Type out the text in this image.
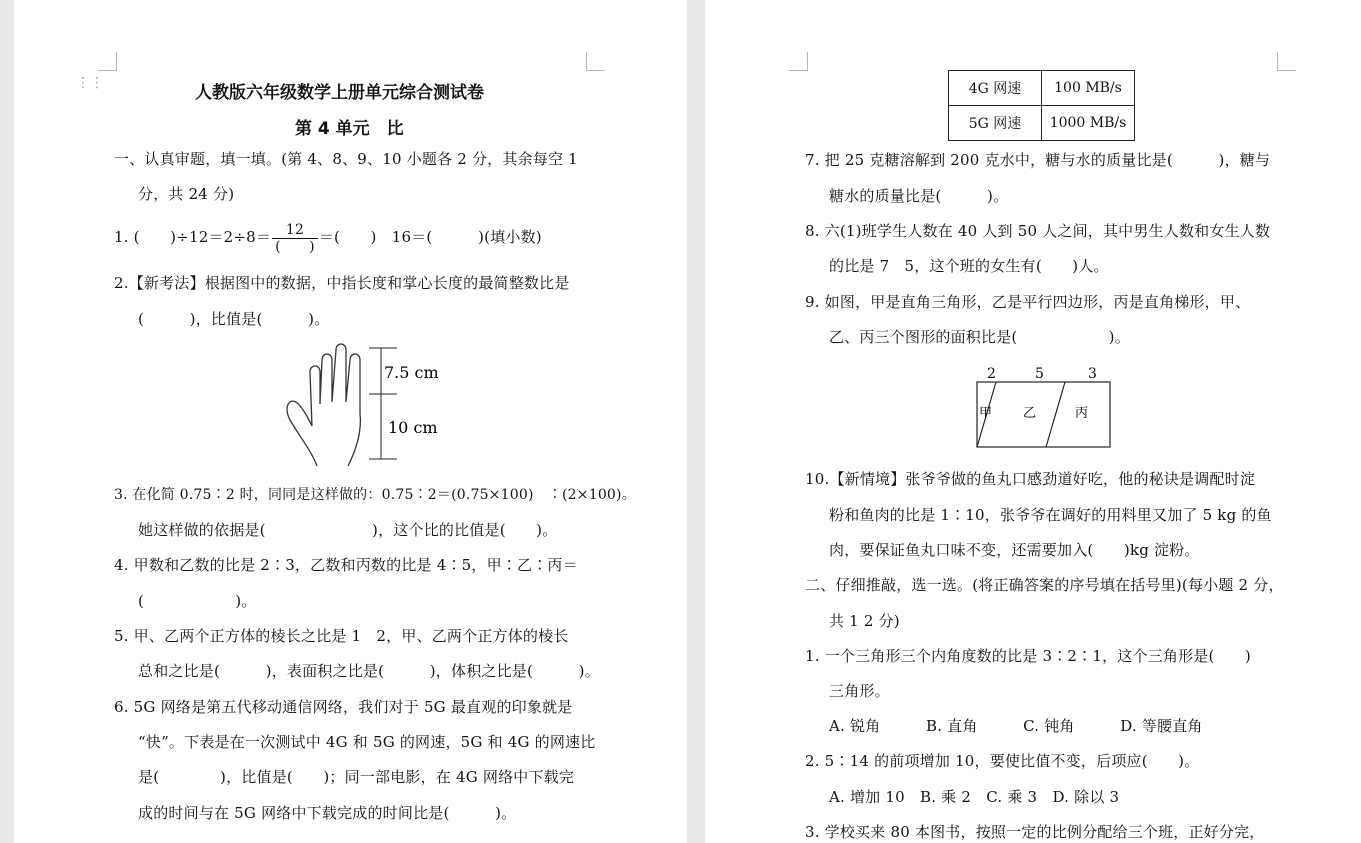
⋮⋮	人教版六年级数学上册单元综合测试卷
第 4 单元　比
一、认真审题，填一填。(第 4、8、9、10 小题各 2 分，其余每空 1
分，共 24 分)
1. (　　)$\div 12=2\div 8= \frac{12}{( )}$ ＝(　　)　16＝(　　　)(填小数)
2.【新考法】根据图中的数据，中指长度和掌心长度的最简整数比是
(　　　)，比值是(　　　)。
7.5 cm
10 cm
3. 在化简 0.75∶2 时，同同是这样做的：0.75∶2＝(0.75×100)　∶(2×100)。
她这样做的依据是(　　　　　　　)，这个比的比值是(　　)。
4. 甲数和乙数的比是 2∶3，乙数和丙数的比是 4∶5，甲∶乙∶丙＝
(　　　　　　)。
5. 甲、乙两个正方体的棱长之比是 1　2，甲、乙两个正方体的棱长
总和之比是(　　　)，表面积之比是(　　　)，体积之比是(　　　)。
6. 5G 网络是第五代移动通信网络，我们对于 5G 最直观的印象就是
“快”。下表是在一次测试中 4G 和 5G 的网速，5G 和 4G 的网速比
是(　　　　)，比值是(　　)；同一部电影，在 4G 网络中下载完
成的时间与在 5G 网络中下载完成的时间比是(　　　)。
4G 网速	100 MB/s
5G 网速	1000 MB/s
7. 把 25 克糖溶解到 200 克水中，糖与水的质量比是(　　　)，糖与
糖水的质量比是(　　　)。
8. 六(1)班学生人数在 40 人到 50 人之间，其中男生人数和女生人数
的比是 7　5，这个班的女生有(　　)人。
9. 如图，甲是直角三角形，乙是平行四边形，丙是直角梯形，甲、
乙、丙三个图形的面积比是(　　　　　　)。
2	5	3
甲 乙	丙
10.【新情境】张爷爷做的鱼丸口感劲道好吃，他的秘诀是调配时淀
粉和鱼肉的比是 1∶10，张爷爷在调好的用料里又加了 5 kg 的鱼
肉，要保证鱼丸口味不变，还需要加入(　　)kg 淀粉。
二、仔细推敲，选一选。(将正确答案的序号填在括号里)(每小题 2 分，
共 1 2 分)
1. 一个三角形三个内角度数的比是 3∶2∶1，这个三角形是(　　)
三角形。
A. 锐角　　　B. 直角　　　C. 钝角　　　D. 等腰直角
2. 5∶14 的前项增加 10，要使比值不变，后项应(　　)。
A. 增加 10　B. 乘 2　C. 乘 3　D. 除以 3
3. 学校买来 80 本图书，按照一定的比例分配给三个班，正好分完，
